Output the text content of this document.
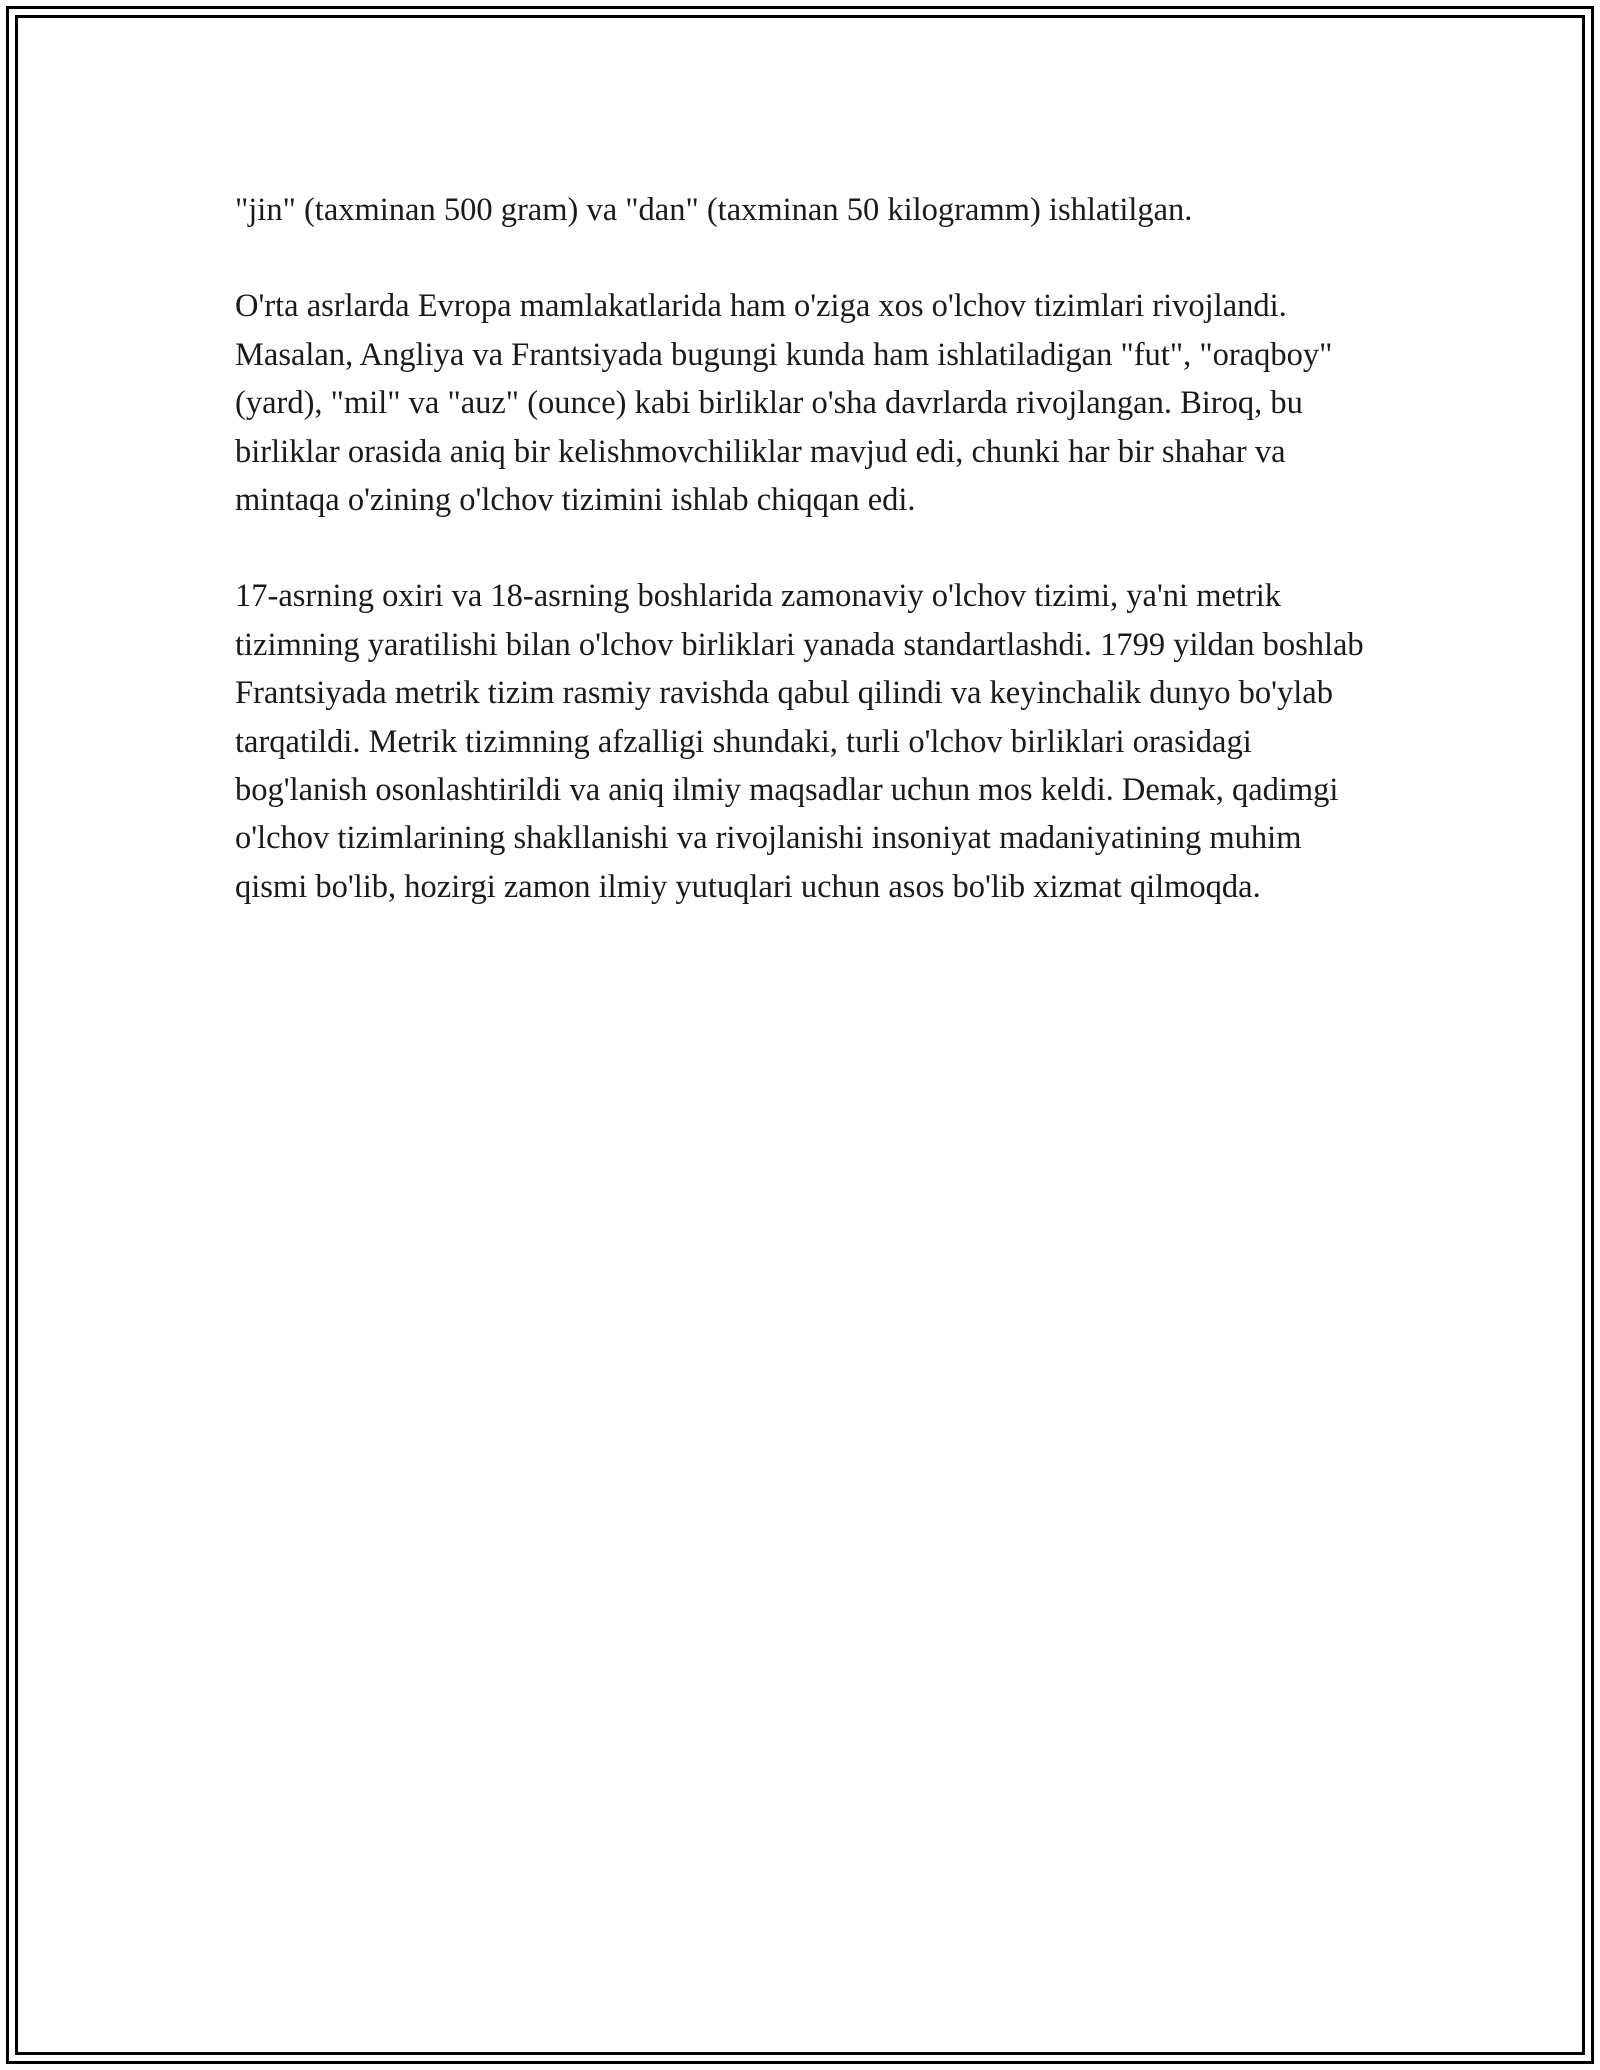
"jin" (taxminan 500 gram) va "dan" (taxminan 50 kilogramm) ishlatilgan.

O'rta asrlarda Evropa mamlakatlarida ham o'ziga xos o'lchov tizimlari rivojlandi. Masalan, Angliya va Frantsiyada bugungi kunda ham ishlatiladigan "fut", "oraqboy" (yard), "mil" va "auz" (ounce) kabi birliklar o'sha davrlarda rivojlangan. Biroq, bu birliklar orasida aniq bir kelishmovchiliklar mavjud edi, chunki har bir shahar va mintaqa o'zining o'lchov tizimini ishlab chiqqan edi.

17-asrning oxiri va 18-asrning boshlarida zamonaviy o'lchov tizimi, ya'ni metrik tizimning yaratilishi bilan o'lchov birliklari yanada standartlashdi. 1799 yildan boshlab Frantsiyada metrik tizim rasmiy ravishda qabul qilindi va keyinchalik dunyo bo'ylab tarqatildi. Metrik tizimning afzalligi shundaki, turli o'lchov birliklari orasidagi bog'lanish osonlashtirildi va aniq ilmiy maqsadlar uchun mos keldi. Demak, qadimgi o'lchov tizimlarining shakllanishi va rivojlanishi insoniyat madaniyatining muhim qismi bo'lib, hozirgi zamon ilmiy yutuqlari uchun asos bo'lib xizmat qilmoqda.
